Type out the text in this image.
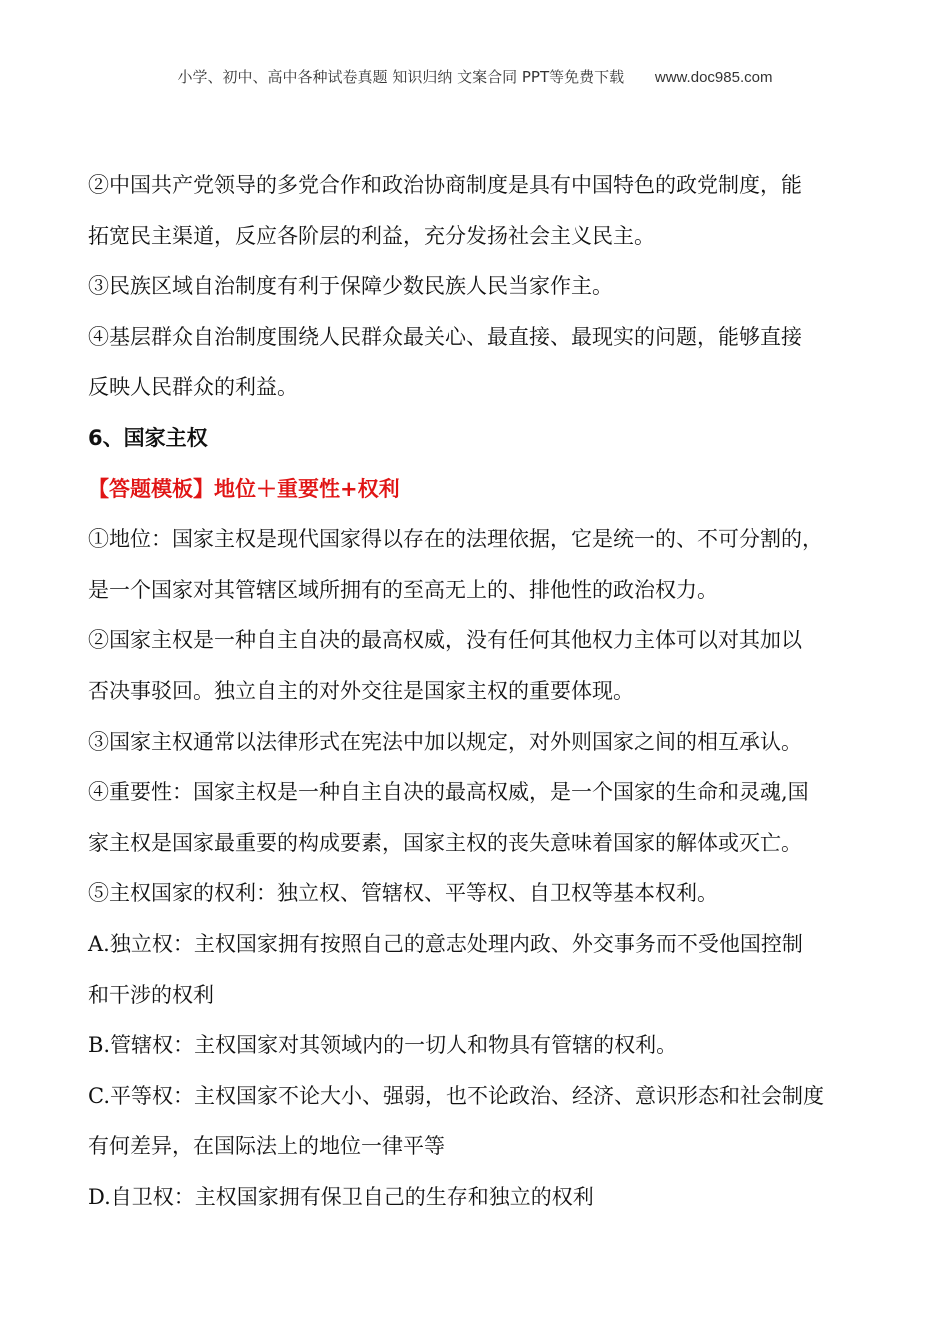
小学、初中、高中各种试卷真题 知识归纳 文案合同 PPT等免费下载 www.doc985.com

②中国共产党领导的多党合作和政治协商制度是具有中国特色的政党制度，能

拓宽民主渠道，反应各阶层的利益，充分发扬社会主义民主。

③民族区域自治制度有利于保障少数民族人民当家作主。

④基层群众自治制度围绕人民群众最关心、最直接、最现实的问题，能够直接

反映人民群众的利益。

6、国家主权

【答题模板】地位＋重要性+权利

①地位：国家主权是现代国家得以存在的法理依据，它是统一的、不可分割的，

是一个国家对其管辖区域所拥有的至高无上的、排他性的政治权力。

②国家主权是一种自主自决的最高权威，没有任何其他权力主体可以对其加以

否决事驳回。独立自主的对外交往是国家主权的重要体现。

③国家主权通常以法律形式在宪法中加以规定，对外则国家之间的相互承认。

④重要性：国家主权是一种自主自决的最高权威，是一个国家的生命和灵魂,国

家主权是国家最重要的构成要素，国家主权的丧失意味着国家的解体或灭亡。

⑤主权国家的权利：独立权、管辖权、平等权、自卫权等基本权利。

A.独立权：主权国家拥有按照自己的意志处理内政、外交事务而不受他国控制

和干涉的权利

B.管辖权：主权国家对其领域内的一切人和物具有管辖的权利。

C.平等权：主权国家不论大小、强弱，也不论政治、经济、意识形态和社会制度

有何差异，在国际法上的地位一律平等

D.自卫权：主权国家拥有保卫自己的生存和独立的权利
